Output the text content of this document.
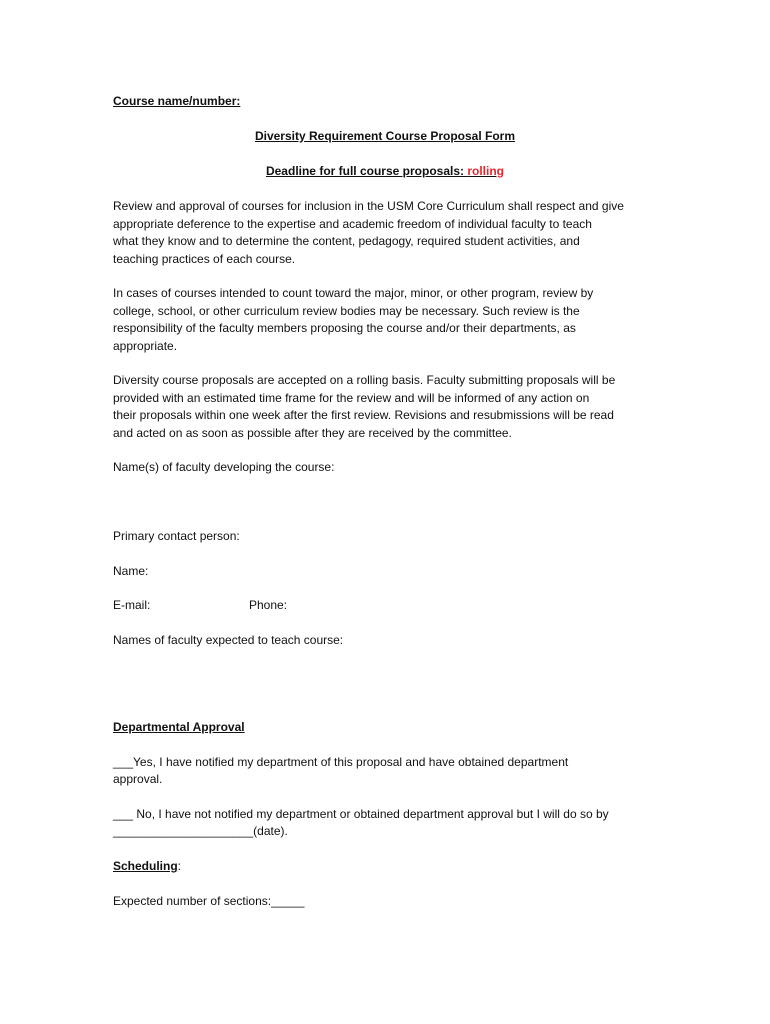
Course name/number:
Diversity Requirement Course Proposal Form
Deadline for full course proposals: rolling
Review and approval of courses for inclusion in the USM Core Curriculum shall respect and give
appropriate deference to the expertise and academic freedom of individual faculty to teach
what they know and to determine the content, pedagogy, required student activities, and
teaching practices of each course.
In cases of courses intended to count toward the major, minor, or other program, review by
college, school, or other curriculum review bodies may be necessary. Such review is the
responsibility of the faculty members proposing the course and/or their departments, as
appropriate.
Diversity course proposals are accepted on a rolling basis. Faculty submitting proposals will be
provided with an estimated time frame for the review and will be informed of any action on
their proposals within one week after the first review. Revisions and resubmissions will be read
and acted on as soon as possible after they are received by the committee.
Name(s) of faculty developing the course:
Primary contact person:
Name:
E-mail:	Phone:
Names of faculty expected to teach course:
Departmental Approval
___Yes, I have notified my department of this proposal and have obtained department
approval.
___ No, I have not notified my department or obtained department approval but I will do so by
_____________________(date).
Scheduling:
Expected number of sections:_____
